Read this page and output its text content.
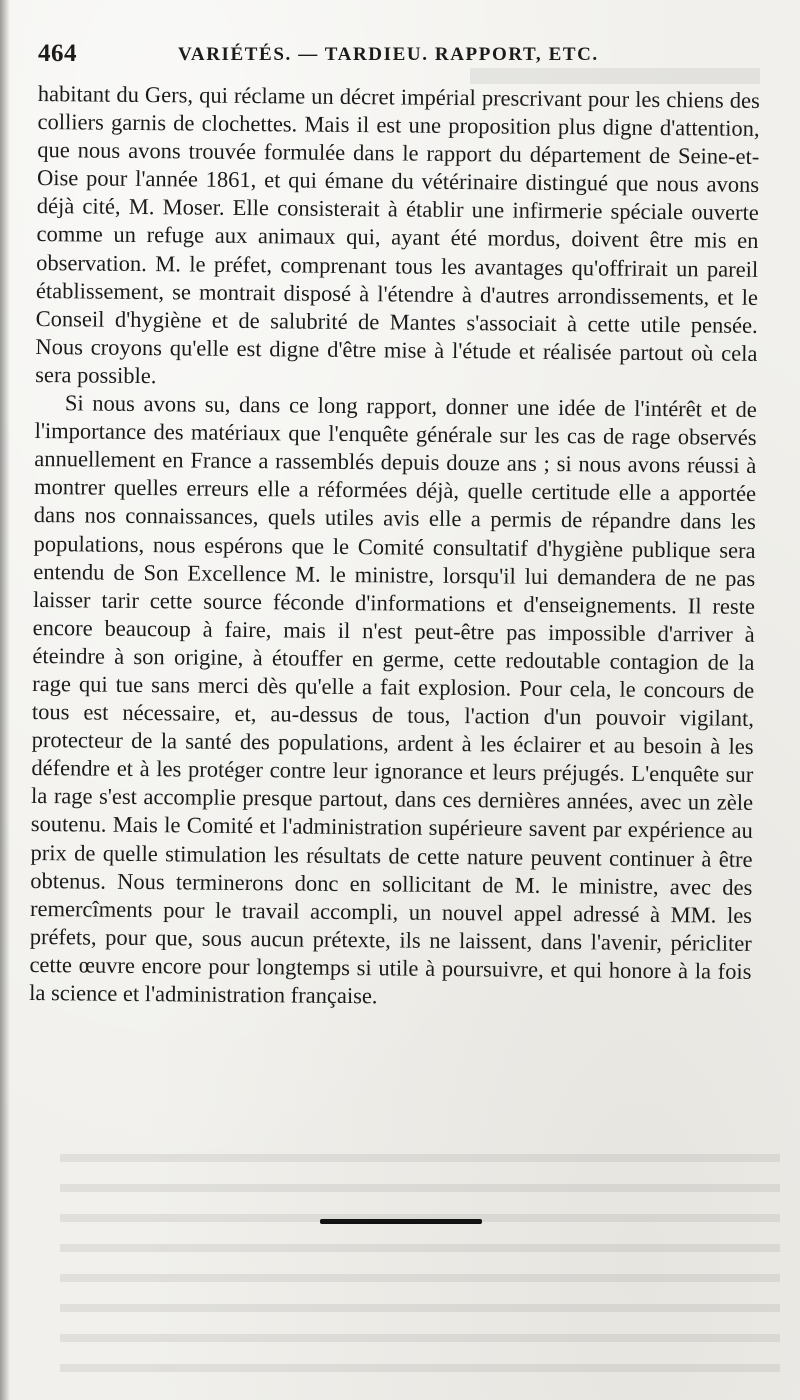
464	VARIÉTÉS. — TARDIEU. RAPPORT, ETC.

habitant du Gers, qui réclame un décret impérial prescrivant pour les chiens des colliers garnis de clochettes. Mais il est une proposition plus digne d'attention, que nous avons trouvée formulée dans le rapport du département de Seine-et-Oise pour l'année 1861, et qui émane du vétérinaire distingué que nous avons déjà cité, M. Moser. Elle consisterait à établir une infirmerie spéciale ouverte comme un refuge aux animaux qui, ayant été mordus, doivent être mis en observation. M. le préfet, comprenant tous les avantages qu'offrirait un pareil établissement, se montrait disposé à l'étendre à d'autres arrondissements, et le Conseil d'hygiène et de salubrité de Mantes s'associait à cette utile pensée. Nous croyons qu'elle est digne d'être mise à l'étude et réalisée partout où cela sera possible.

Si nous avons su, dans ce long rapport, donner une idée de l'intérêt et de l'importance des matériaux que l'enquête générale sur les cas de rage observés annuellement en France a rassemblés depuis douze ans ; si nous avons réussi à montrer quelles erreurs elle a réformées déjà, quelle certitude elle a apportée dans nos connaissances, quels utiles avis elle a permis de répandre dans les populations, nous espérons que le Comité consultatif d'hygiène publique sera entendu de Son Excellence M. le ministre, lorsqu'il lui demandera de ne pas laisser tarir cette source féconde d'informations et d'enseignements. Il reste encore beaucoup à faire, mais il n'est peut-être pas impossible d'arriver à éteindre à son origine, à étouffer en germe, cette redoutable contagion de la rage qui tue sans merci dès qu'elle a fait explosion. Pour cela, le concours de tous est nécessaire, et, au-dessus de tous, l'action d'un pouvoir vigilant, protecteur de la santé des populations, ardent à les éclairer et au besoin à les défendre et à les protéger contre leur ignorance et leurs préjugés. L'enquête sur la rage s'est accomplie presque partout, dans ces dernières années, avec un zèle soutenu. Mais le Comité et l'administration supérieure savent par expérience au prix de quelle stimulation les résultats de cette nature peuvent continuer à être obtenus. Nous terminerons donc en sollicitant de M. le ministre, avec des remercîments pour le travail accompli, un nouvel appel adressé à MM. les préfets, pour que, sous aucun prétexte, ils ne laissent, dans l'avenir, péricliter cette œuvre encore pour longtemps si utile à poursuivre, et qui honore à la fois la science et l'administration française.
